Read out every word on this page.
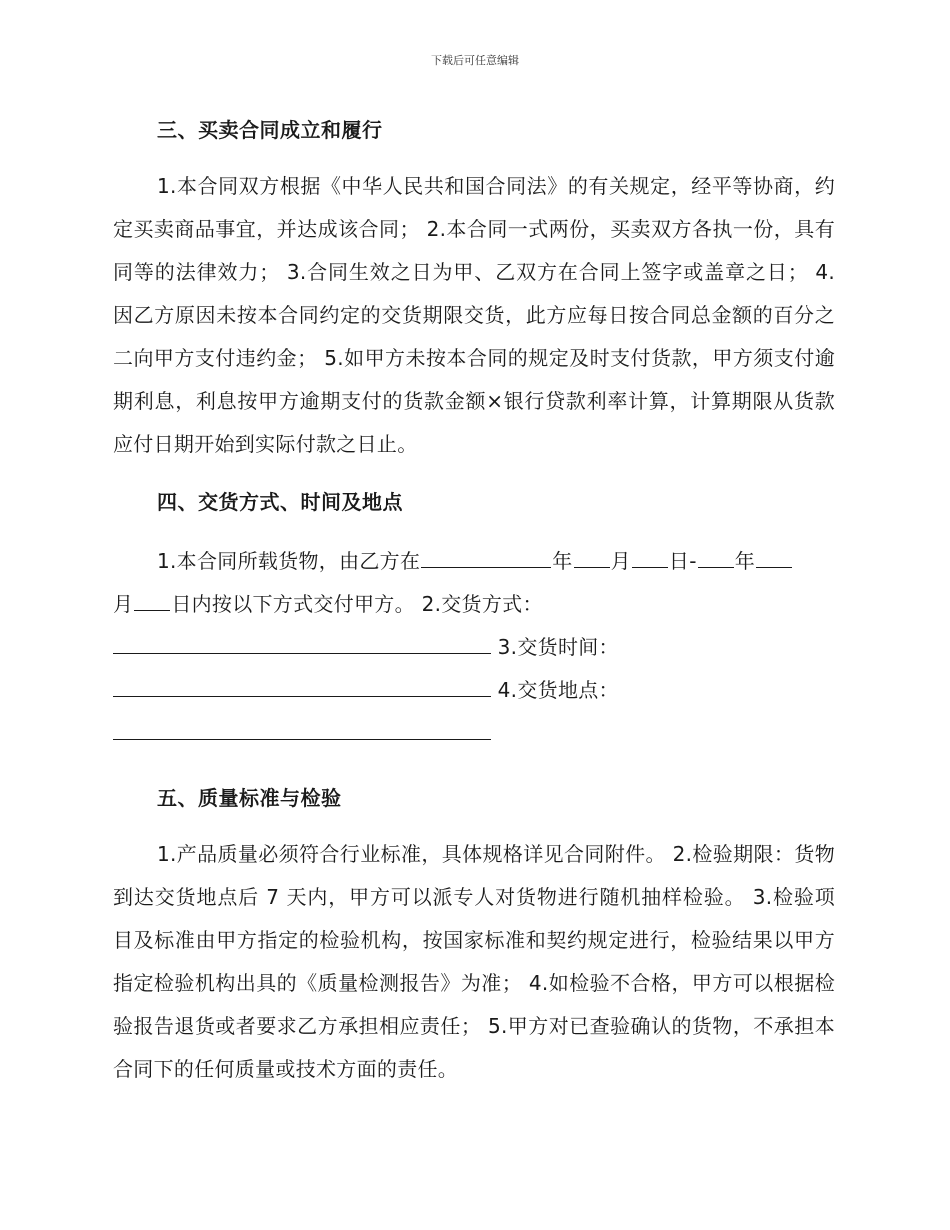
下载后可任意编辑
三、买卖合同成立和履行

1.本合同双方根据《中华人民共和国合同法》的有关规定，经平等协商，约定买卖商品事宜，并达成该合同； 2.本合同一式两份，买卖双方各执一份，具有同等的法律效力； 3.合同生效之日为甲、乙双方在合同上签字或盖章之日； 4.因乙方原因未按本合同约定的交货期限交货，此方应每日按合同总金额的百分之二向甲方支付违约金； 5.如甲方未按本合同的规定及时支付货款，甲方须支付逾期利息，利息按甲方逾期支付的货款金额×银行贷款利率计算，计算期限从货款应付日期开始到实际付款之日止。

四、交货方式、时间及地点

1.本合同所载货物，由乙方在	年 月 日- 年

月 日内按以下方式交付甲方。 2.交货方式：

3.交货时间：

4.交货地点：

五、质量标准与检验

1.产品质量必须符合行业标准，具体规格详见合同附件。 2.检验期限：货物到达交货地点后 7 天内，甲方可以派专人对货物进行随机抽样检验。 3.检验项目及标准由甲方指定的检验机构，按国家标准和契约规定进行，检验结果以甲方指定检验机构出具的《质量检测报告》为准； 4.如检验不合格，甲方可以根据检验报告退货或者要求乙方承担相应责任； 5.甲方对已查验确认的货物，不承担本合同下的任何质量或技术方面的责任。
